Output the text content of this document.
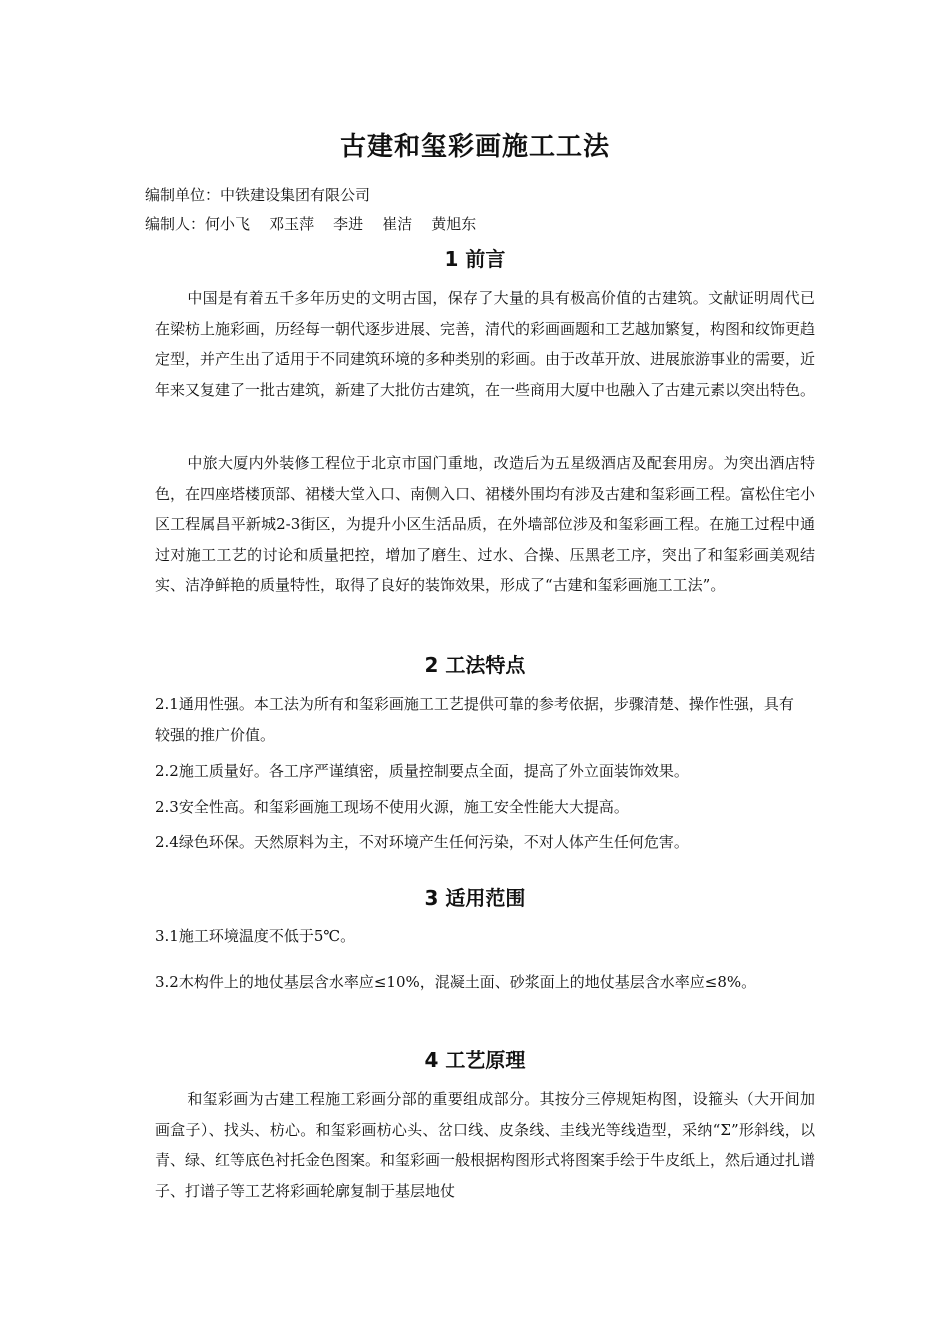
古建和玺彩画施工工法
编制单位：中铁建设集团有限公司
编制人：何小飞    邓玉萍    李进    崔洁    黄旭东
1 前言
中国是有着五千多年历史的文明古国，保存了大量的具有极高价值的古建筑。文献证明周代已在梁枋上施彩画，历经每一朝代逐步进展、完善，清代的彩画画题和工艺越加繁复，构图和纹饰更趋定型，并产生出了适用于不同建筑环境的多种类别的彩画。由于改革开放、进展旅游事业的需要，近年来又复建了一批古建筑，新建了大批仿古建筑，在一些商用大厦中也融入了古建元素以突出特色。
中旅大厦内外装修工程位于北京市国门重地，改造后为五星级酒店及配套用房。为突出酒店特色，在四座塔楼顶部、裙楼大堂入口、南侧入口、裙楼外围均有涉及古建和玺彩画工程。富松住宅小区工程属昌平新城2-3街区，为提升小区生活品质，在外墙部位涉及和玺彩画工程。在施工过程中通过对施工工艺的讨论和质量把控，增加了磨生、过水、合操、压黑老工序，突出了和玺彩画美观结实、洁净鲜艳的质量特性，取得了良好的装饰效果，形成了“古建和玺彩画施工工法”。
2 工法特点
2.1通用性强。本工法为所有和玺彩画施工工艺提供可靠的参考依据，步骤清楚、操作性强，具有较强的推广价值。
2.2施工质量好。各工序严谨缜密，质量控制要点全面，提高了外立面装饰效果。
2.3安全性高。和玺彩画施工现场不使用火源，施工安全性能大大提高。
2.4绿色环保。天然原料为主，不对环境产生任何污染，不对人体产生任何危害。
3 适用范围
3.1施工环境温度不低于5℃。
3.2木构件上的地仗基层含水率应≤10%，混凝土面、砂浆面上的地仗基层含水率应≤8%。
4 工艺原理
和玺彩画为古建工程施工彩画分部的重要组成部分。其按分三停规矩构图，设箍头（大开间加画盒子）、找头、枋心。和玺彩画枋心头、岔口线、皮条线、圭线光等线造型，采纳“Σ”形斜线，以青、绿、红等底色衬托金色图案。和玺彩画一般根据构图形式将图案手绘于牛皮纸上，然后通过扎谱子、打谱子等工艺将彩画轮廓复制于基层地仗
